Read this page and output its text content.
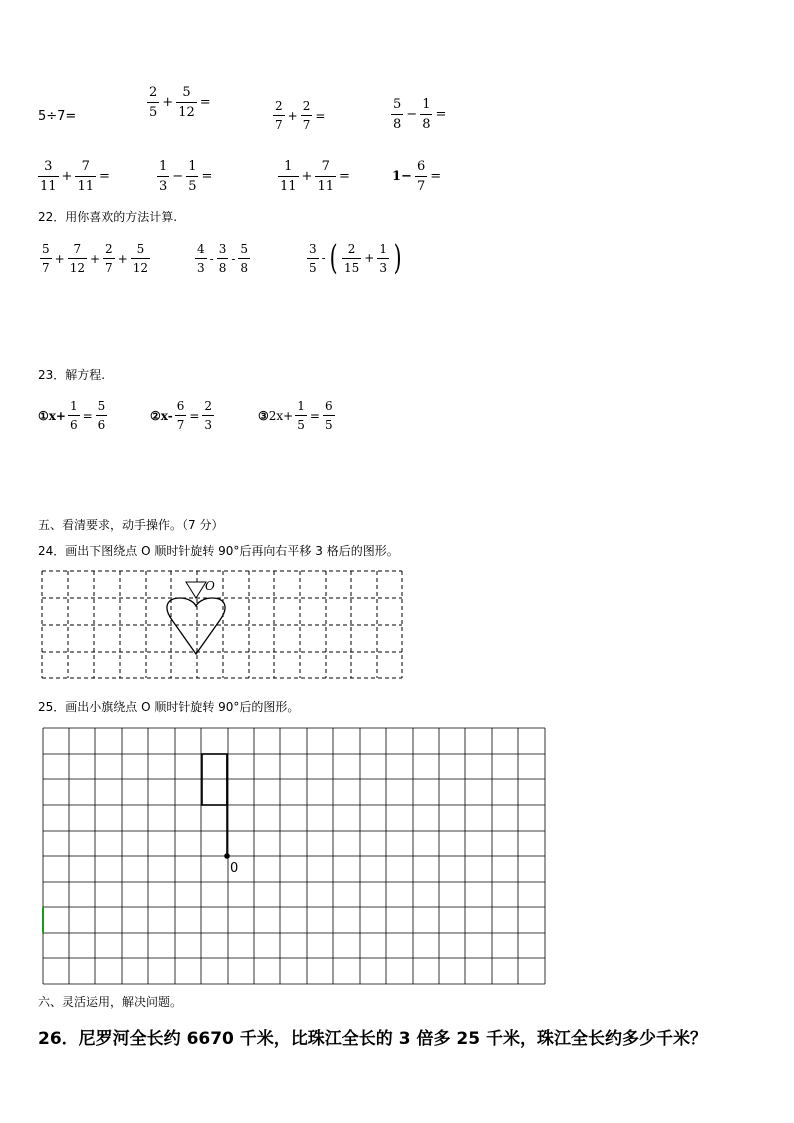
5÷7=	$\frac{2}{5} + \frac{5}{12}$ =	$\frac{2}{7} + \frac{2}{7}$ =	$\frac{5}{8} - \frac{1}{8}$ =
$\frac{3}{11} + \frac{7}{11}$ =	$\frac{1}{3} - \frac{1}{5}$ =	$\frac{1}{11} + \frac{7}{11}$ =	$1- \frac{6}{7}$ =
22．用你喜欢的方法计算.
$\frac{5}{7} + \frac{7}{12} + \frac{2}{7} + \frac{5}{12}$	$\frac{4}{3} - \frac{3}{8} - \frac{5}{8}$	$\frac{3}{5}$ - ( $\frac{2}{15} + \frac{1}{3}$ )
23．解方程.
①x+ $\frac{1}{6} = \frac{5}{6}$	②x- $\frac{6}{7} = \frac{2}{3}$	③ $2x+ \frac{1}{5} = \frac{6}{5}$
五、看清要求，动手操作。（7 分）
24．画出下图绕点 O 顺时针旋转 90°后再向右平移 3 格后的图形。
O
25．画出小旗绕点 O 顺时针旋转 90°后的图形。
0
六、灵活运用，解决问题。
26．尼罗河全长约 6670 千米，比珠江全长的 3 倍多 25 千米，珠江全长约多少千米？
